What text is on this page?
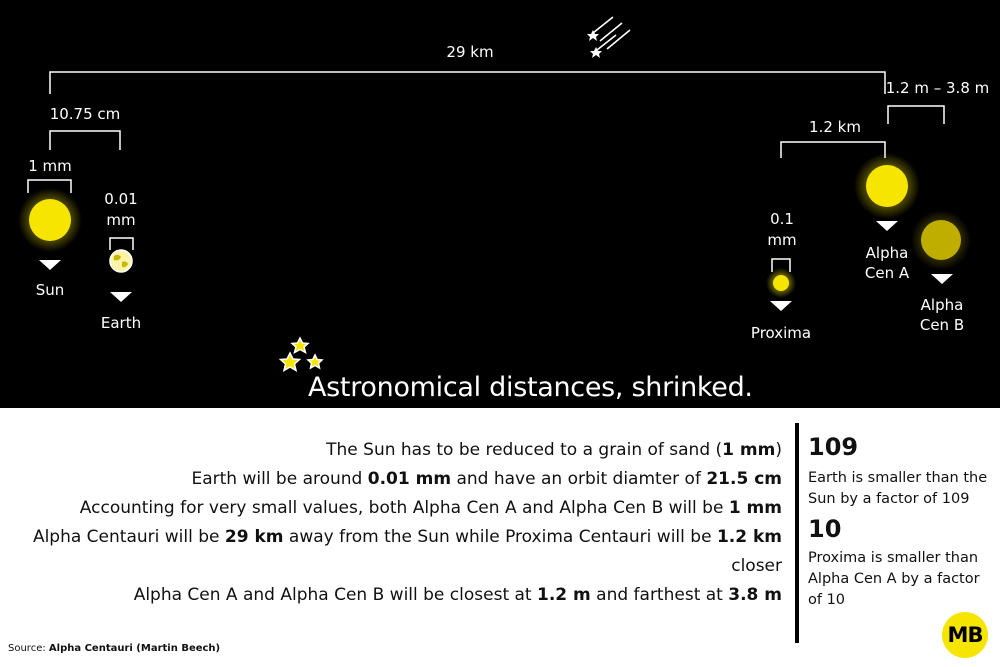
29 km
10.75 cm
1 mm
0.01
mm	0.1
mm
1.2 km
1.2 m – 3.8 m
Sun
Earth
Proxima
Alpha
Cen A
Alpha
Cen B
Astronomical distances, shrinked.
The Sun has to be reduced to a grain of sand (1 mm)
Earth will be around 0.01 mm and have an orbit diamter of 21.5 cm
Accounting for very small values, both Alpha Cen A and Alpha Cen B will be 1 mm
Alpha Centauri will be 29 km away from the Sun while Proxima Centauri will be 1.2 km closer
Alpha Cen A and Alpha Cen B will be closest at 1.2 m and farthest at 3.8 m
109
Earth is smaller than the Sun by a factor of 109
10
Proxima is smaller than Alpha Cen A by a factor of 10
Source: Alpha Centauri (Martin Beech)
MB
